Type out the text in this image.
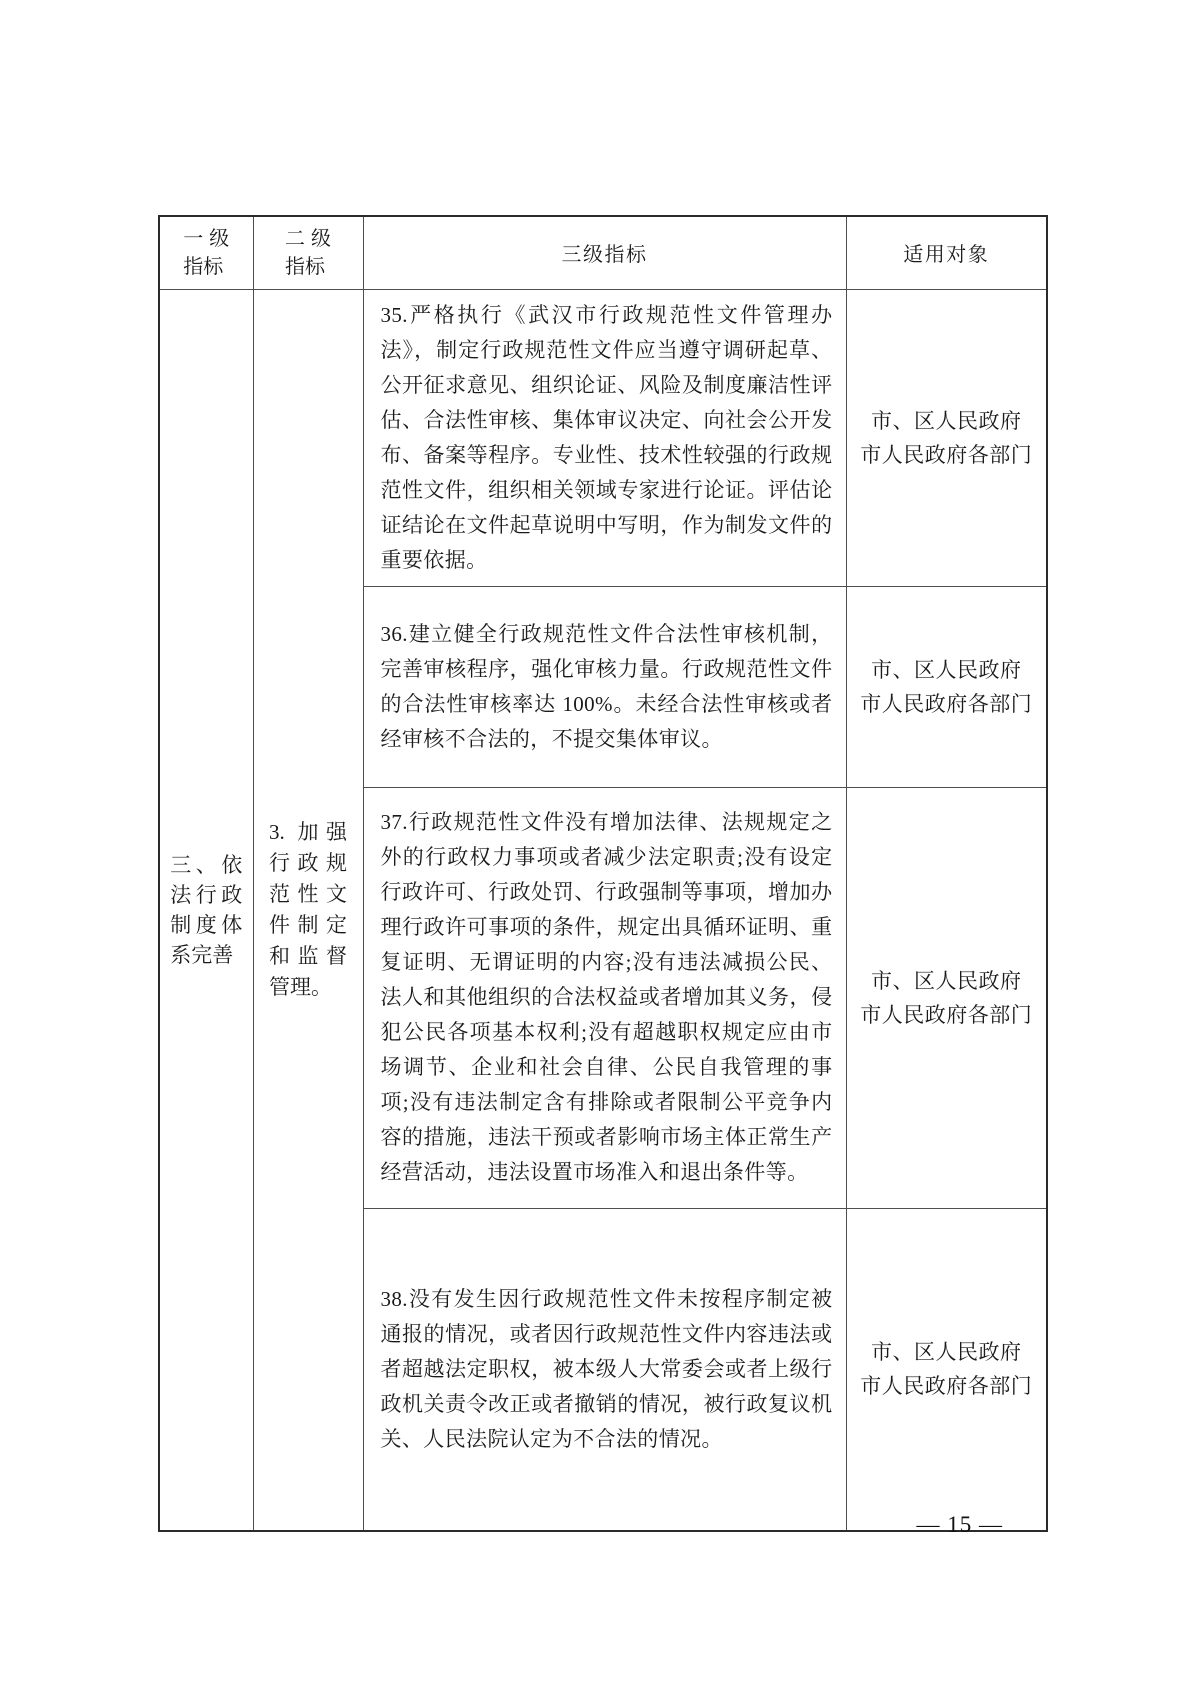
一级指标	二级指标	三级指标	适用对象
三、依法行政制度体系完善	3. 加强行政规范性文件制定和监督管理。	35.严格执行《武汉市行政规范性文件管理办法》，制定行政规范性文件应当遵守调研起草、公开征求意见、组织论证、风险及制度廉洁性评估、合法性审核、集体审议决定、向社会公开发布、备案等程序。专业性、技术性较强的行政规范性文件，组织相关领域专家进行论证。评估论证结论在文件起草说明中写明，作为制发文件的重要依据。	市、区人民政府
市人民政府各部门

		36.建立健全行政规范性文件合法性审核机制，完善审核程序，强化审核力量。行政规范性文件的合法性审核率达 100%。未经合法性审核或者经审核不合法的，不提交集体审议。	市、区人民政府
市人民政府各部门

		37.行政规范性文件没有增加法律、法规规定之外的行政权力事项或者减少法定职责;没有设定行政许可、行政处罚、行政强制等事项，增加办理行政许可事项的条件，规定出具循环证明、重复证明、无谓证明的内容;没有违法减损公民、法人和其他组织的合法权益或者增加其义务，侵犯公民各项基本权利;没有超越职权规定应由市场调节、企业和社会自律、公民自我管理的事项;没有违法制定含有排除或者限制公平竞争内容的措施，违法干预或者影响市场主体正常生产经营活动，违法设置市场准入和退出条件等。	市、区人民政府
市人民政府各部门

		38.没有发生因行政规范性文件未按程序制定被通报的情况，或者因行政规范性文件内容违法或者超越法定职权，被本级人大常委会或者上级行政机关责令改正或者撤销的情况，被行政复议机关、人民法院认定为不合法的情况。	市、区人民政府
市人民政府各部门
— 15 —
